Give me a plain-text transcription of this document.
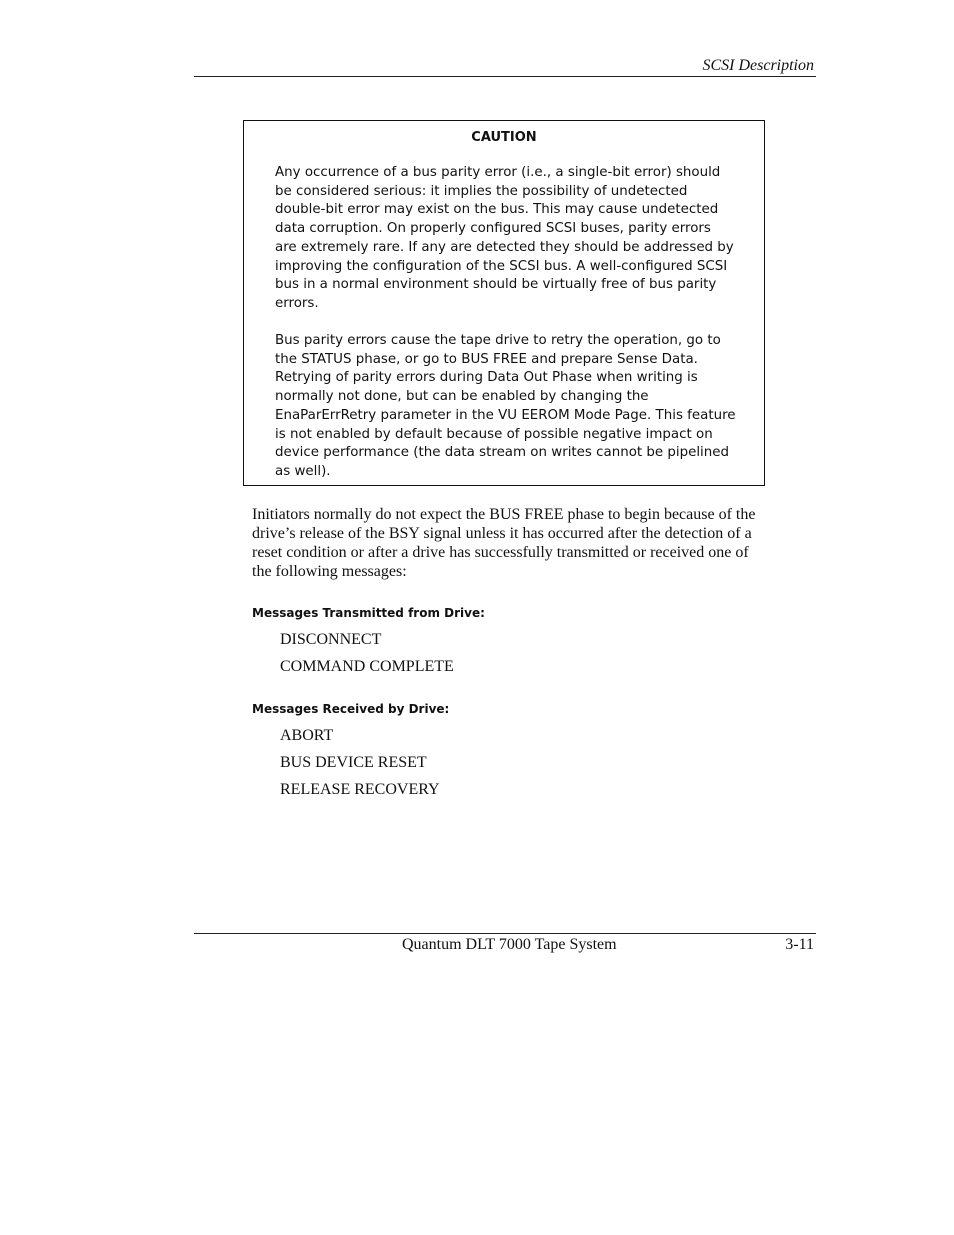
SCSI Description
CAUTION

Any occurrence of a bus parity error (i.e., a single-bit error) should
be considered serious: it implies the possibility of undetected
double-bit error may exist on the bus. This may cause undetected
data corruption. On properly configured SCSI buses, parity errors
are extremely rare. If any are detected they should be addressed by
improving the configuration of the SCSI bus. A well-configured SCSI
bus in a normal environment should be virtually free of bus parity
errors.

Bus parity errors cause the tape drive to retry the operation, go to
the STATUS phase, or go to BUS FREE and prepare Sense Data.
Retrying of parity errors during Data Out Phase when writing is
normally not done, but can be enabled by changing the
EnaParErrRetry parameter in the VU EEROM Mode Page. This feature
is not enabled by default because of possible negative impact on
device performance (the data stream on writes cannot be pipelined
as well).

Initiators normally do not expect the BUS FREE phase to begin because of the
drive’s release of the BSY signal unless it has occurred after the detection of a
reset condition or after a drive has successfully transmitted or received one of
the following messages:

Messages Transmitted from Drive:
DISCONNECT
COMMAND COMPLETE
Messages Received by Drive:
ABORT
BUS DEVICE RESET
RELEASE RECOVERY
Quantum DLT 7000 Tape System	3-11
